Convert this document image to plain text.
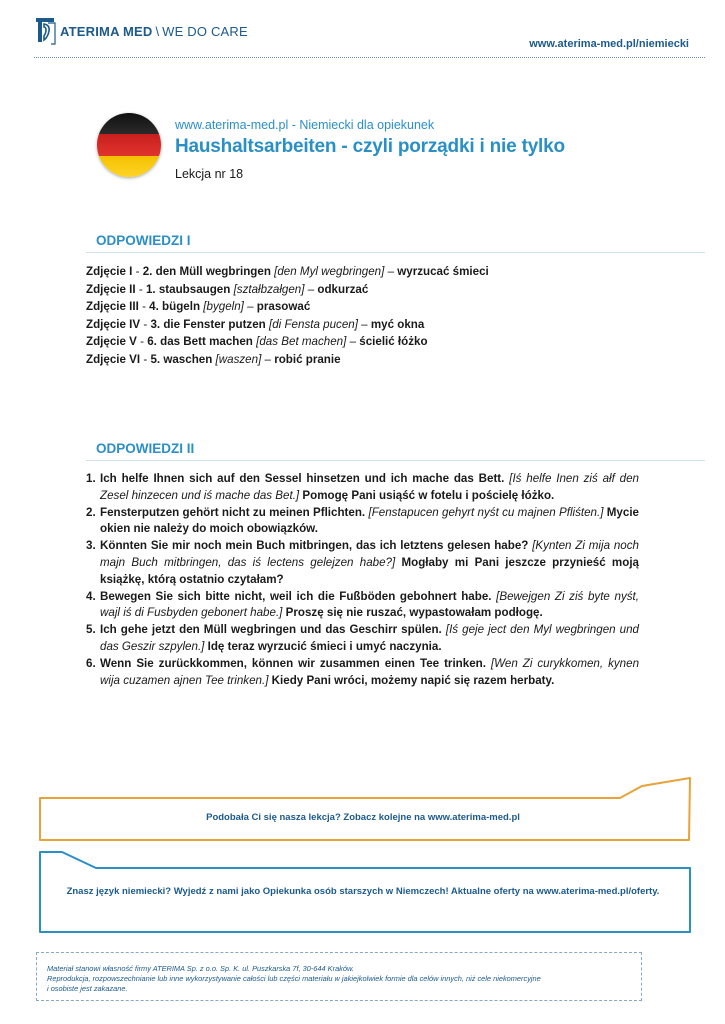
ATERIMA MED \ WE DO CARE
www.aterima-med.pl/niemiecki
www.aterima-med.pl - Niemiecki dla opiekunek
Haushaltsarbeiten - czyli porządki i nie tylko
Lekcja nr 18
ODPOWIEDZI I
Zdjęcie I - 2. den Müll wegbringen [den Myl wegbringen] – wyrzucać śmieci
Zdjęcie II - 1. staubsaugen [ształbzałgen] – odkurzać
Zdjęcie III - 4. bügeln [bygeln] – prasować
Zdjęcie IV - 3. die Fenster putzen [di Fensta pucen] – myć okna
Zdjęcie V - 6. das Bett machen [das Bet machen] – ścielić łóżko
Zdjęcie VI - 5. waschen [waszen] – robić pranie
ODPOWIEDZI II
1. Ich helfe Ihnen sich auf den Sessel hinsetzen und ich mache das Bett. [Iś helfe Inen ziś ałf den Zesel hinzecen und iś mache das Bet.] Pomogę Pani usiąść w fotelu i pościelę łóżko.
2. Fensterputzen gehört nicht zu meinen Pflichten. [Fenstapucen gehyrt nyśt cu majnen Pfliśten.] Mycie okien nie należy do moich obowiązków.
3. Könnten Sie mir noch mein Buch mitbringen, das ich letztens gelesen habe? [Kynten Zi mija noch majn Buch mitbringen, das iś lectens gelejzen habe?] Mogłaby mi Pani jeszcze przynieść moją książkę, którą ostatnio czytałam?
4. Bewegen Sie sich bitte nicht, weil ich die Fußböden gebohnert habe. [Bewejgen Zi ziś byte nyśt, wajl iś di Fusbyden gebonert habe.] Proszę się nie ruszać, wypastowałam podłogę.
5. Ich gehe jetzt den Müll wegbringen und das Geschirr spülen. [Iś geje ject den Myl wegbringen und das Geszir szpylen.] Idę teraz wyrzucić śmieci i umyć naczynia.
6. Wenn Sie zurückkommen, können wir zusammen einen Tee trinken. [Wen Zi curykkomen, kynen wija cuzamen ajnen Tee trinken.] Kiedy Pani wróci, możemy napić się razem herbaty.
Podobała Ci się nasza lekcja? Zobacz kolejne na www.aterima-med.pl
Znasz język niemiecki? Wyjedź z nami jako Opiekunka osób starszych w Niemczech! Aktualne oferty na www.aterima-med.pl/oferty.

Materiał stanowi własność firmy ATERIMA Sp. z o.o. Sp. K. ul. Puszkarska 7f, 30-644 Kraków.

Reprodukcja, rozpowszechnianie lub inne wykorzystywanie całości lub części materiału w jakiejkolwiek formie dla celów innych, niż cele niekomercyjne

i osobiste jest zakazane.
